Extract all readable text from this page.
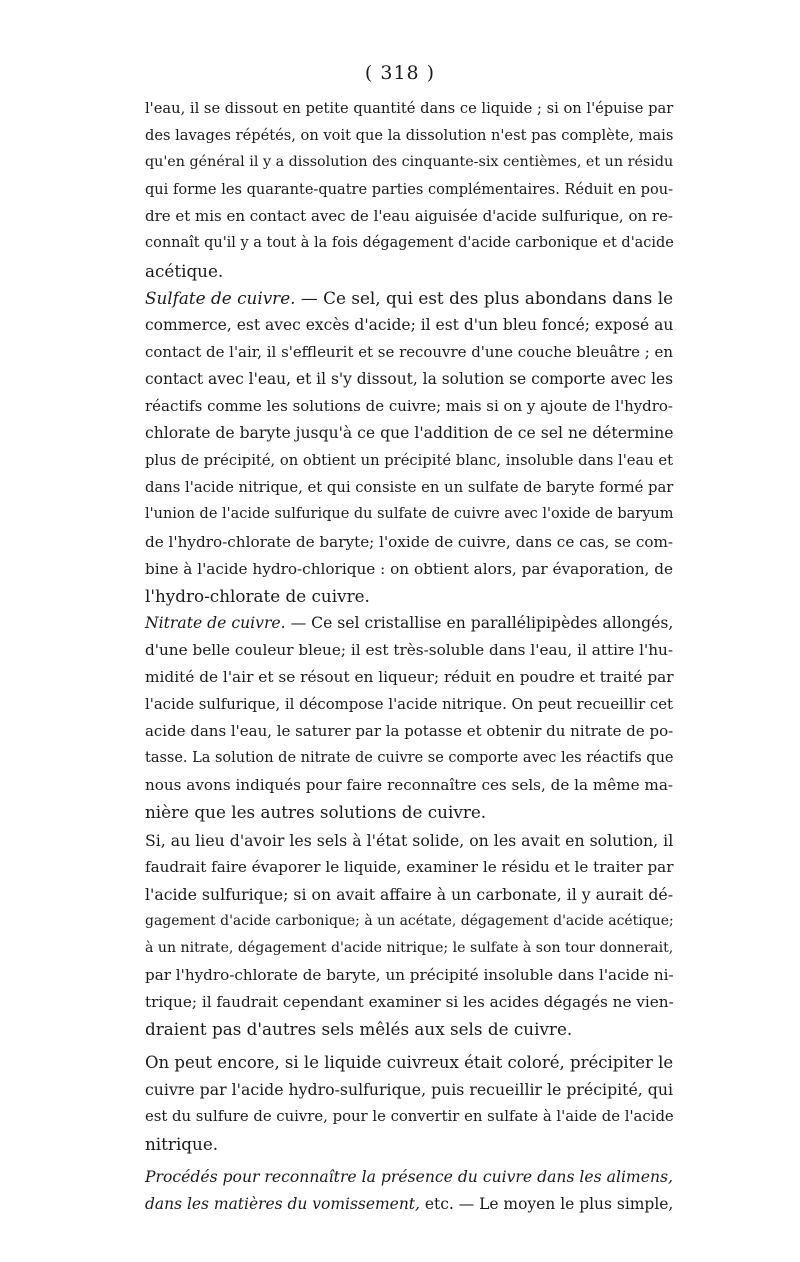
( 318 )
l'eau, il se dissout en petite quantité dans ce liquide ; si on l'épuise par
des lavages répétés, on voit que la dissolution n'est pas complète, mais
qu'en général il y a dissolution des cinquante-six centièmes, et un résidu
qui forme les quarante-quatre parties complémentaires. Réduit en pou-
dre et mis en contact avec de l'eau aiguisée d'acide sulfurique, on re-
connaît qu'il y a tout à la fois dégagement d'acide carbonique et d'acide
acétique.
Sulfate de cuivre. — Ce sel, qui est des plus abondans dans le
commerce, est avec excès d'acide; il est d'un bleu foncé; exposé au
contact de l'air, il s'effleurit et se recouvre d'une couche bleuâtre ; en
contact avec l'eau, et il s'y dissout, la solution se comporte avec les
réactifs comme les solutions de cuivre; mais si on y ajoute de l'hydro-
chlorate de baryte jusqu'à ce que l'addition de ce sel ne détermine
plus de précipité, on obtient un précipité blanc, insoluble dans l'eau et
dans l'acide nitrique, et qui consiste en un sulfate de baryte formé par
l'union de l'acide sulfurique du sulfate de cuivre avec l'oxide de baryum
de l'hydro-chlorate de baryte; l'oxide de cuivre, dans ce cas, se com-
bine à l'acide hydro-chlorique : on obtient alors, par évaporation, de
l'hydro-chlorate de cuivre.
Nitrate de cuivre. — Ce sel cristallise en parallélipipèdes allongés,
d'une belle couleur bleue; il est très-soluble dans l'eau, il attire l'hu-
midité de l'air et se résout en liqueur; réduit en poudre et traité par
l'acide sulfurique, il décompose l'acide nitrique. On peut recueillir cet
acide dans l'eau, le saturer par la potasse et obtenir du nitrate de po-
tasse. La solution de nitrate de cuivre se comporte avec les réactifs que
nous avons indiqués pour faire reconnaître ces sels, de la même ma-
nière que les autres solutions de cuivre.
Si, au lieu d'avoir les sels à l'état solide, on les avait en solution, il
faudrait faire évaporer le liquide, examiner le résidu et le traiter par
l'acide sulfurique; si on avait affaire à un carbonate, il y aurait dé-
gagement d'acide carbonique; à un acétate, dégagement d'acide acétique;
à un nitrate, dégagement d'acide nitrique; le sulfate à son tour donnerait,
par l'hydro-chlorate de baryte, un précipité insoluble dans l'acide ni-
trique; il faudrait cependant examiner si les acides dégagés ne vien-
draient pas d'autres sels mêlés aux sels de cuivre.
On peut encore, si le liquide cuivreux était coloré, précipiter le
cuivre par l'acide hydro-sulfurique, puis recueillir le précipité, qui
est du sulfure de cuivre, pour le convertir en sulfate à l'aide de l'acide
nitrique.
Procédés pour reconnaître la présence du cuivre dans les alimens,
dans les matières du vomissement, etc. — Le moyen le plus simple,
